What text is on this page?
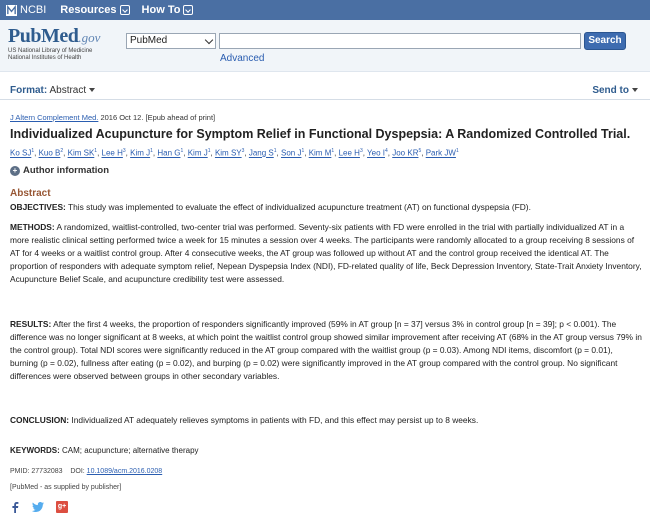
NCBI Resources How To
PubMed.gov
US National Library of Medicine
National Institutes of Health
PubMed	Search
Advanced
Format: Abstract	Send to
J Altern Complement Med. 2016 Oct 12. [Epub ahead of print]
Individualized Acupuncture for Symptom Relief in Functional Dyspepsia: A Randomized Controlled Trial.
Ko $SJ^1$, Kuo $B^2$, Kim $SK^1$, Lee $H^3$, Kim $J^1$, Han $G^1$, Kim $J^1$, Kim $SY^3$, Jang $S^1$, Son $J^1$, Kim $M^1$, Lee $H^3$, Yeo $I^4$, Joo $KR^5$, Park $JW^1$
+ Author information
Abstract
OBJECTIVES: This study was implemented to evaluate the effect of individualized acupuncture treatment (AT) on functional dyspepsia (FD).
METHODS: A randomized, waitlist-controlled, two-center trial was performed. Seventy-six patients with FD were enrolled in the trial with partially individualized AT in a more realistic clinical setting performed twice a week for 15 minutes a session over 4 weeks. The participants were randomly allocated to a group receiving 8 sessions of AT for 4 weeks or a waitlist control group. After 4 consecutive weeks, the AT group was followed up without AT and the control group received the identical AT. The proportion of responders with adequate symptom relief, Nepean Dyspepsia Index (NDI), FD-related quality of life, Beck Depression Inventory, State-Trait Anxiety Inventory, Acupuncture Belief Scale, and acupuncture credibility test were assessed.
RESULTS: After the first 4 weeks, the proportion of responders significantly improved (59% in AT group [n = 37] versus 3% in control group [n = 39]; p < 0.001). The difference was no longer significant at 8 weeks, at which point the waitlist control group showed similar improvement after receiving AT (68% in the AT group versus 79% in the control group). Total NDI scores were significantly reduced in the AT group compared with the waitlist group (p = 0.03). Among NDI items, discomfort (p = 0.01), burning (p = 0.02), fullness after eating (p = 0.02), and burping (p = 0.02) were significantly improved in the AT group compared with the control group. No significant differences were observed between groups in other secondary variables.
CONCLUSION: Individualized AT adequately relieves symptoms in patients with FD, and this effect may persist up to 8 weeks.
KEYWORDS: CAM; acupuncture; alternative therapy
PMID: 27732083 DOI: 10.1089/acm.2016.0208
[PubMed - as supplied by publisher]
g+
